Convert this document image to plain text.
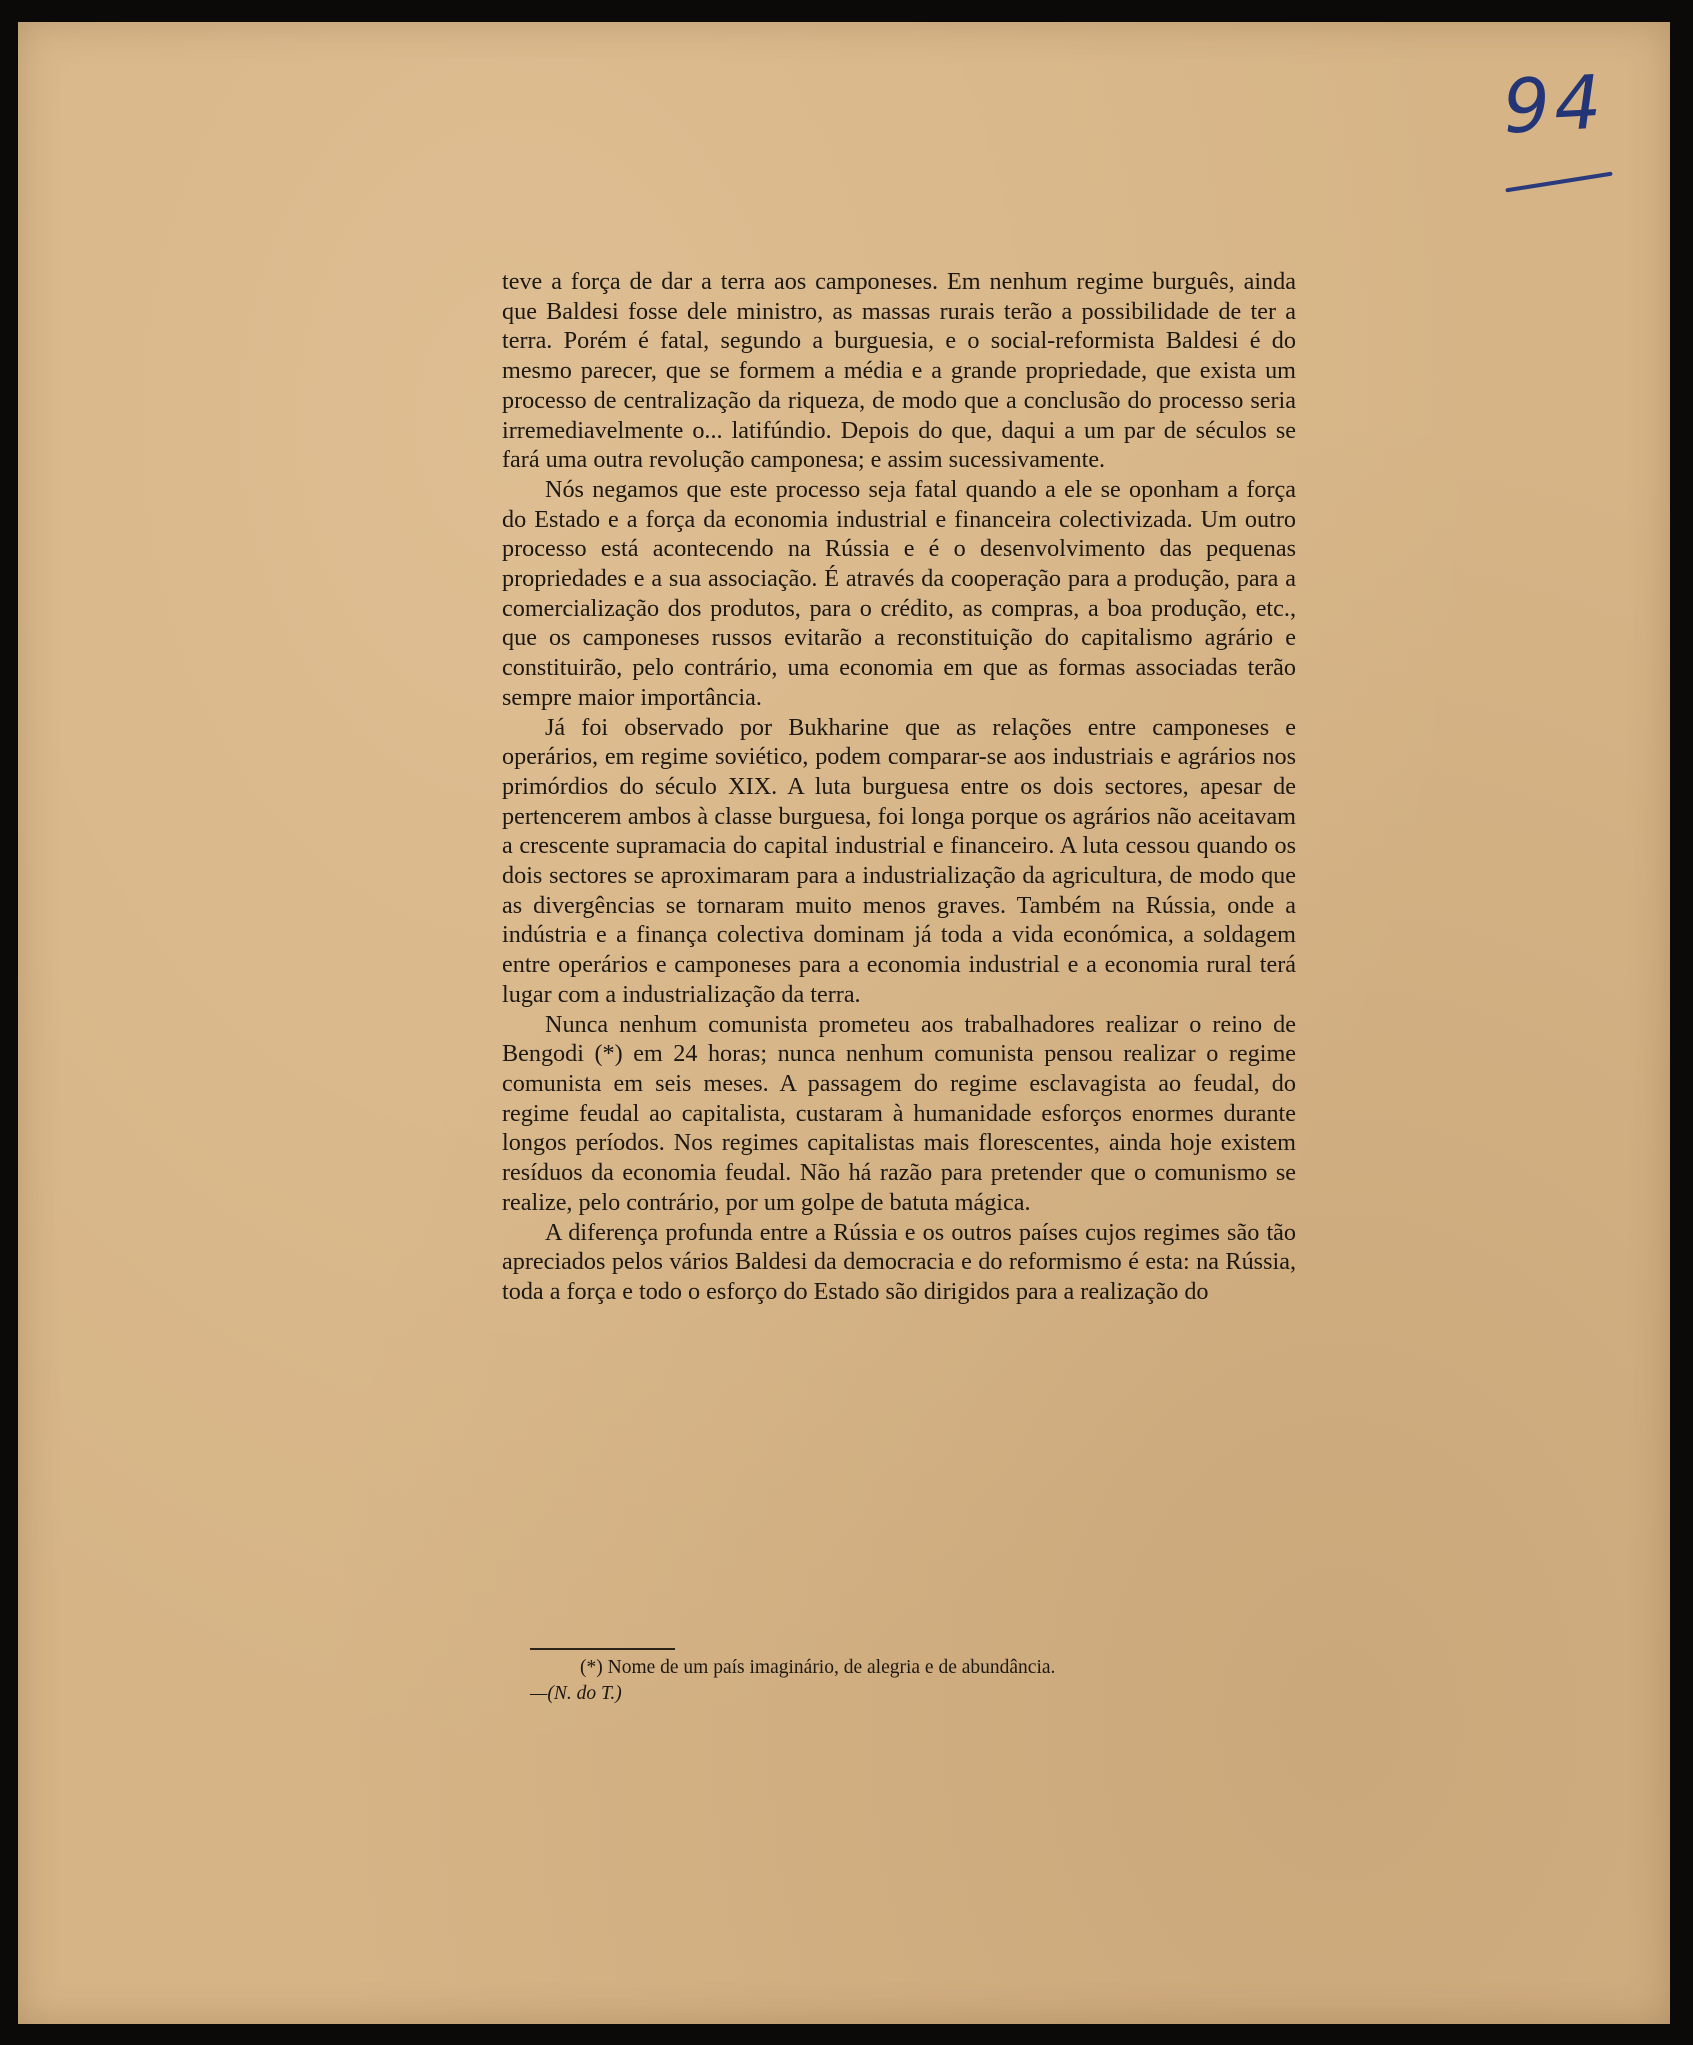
94

teve a força de dar a terra aos camponeses. Em nenhum regime burguês, ainda que Baldesi fosse dele ministro, as massas rurais terão a possibilidade de ter a terra. Porém é fatal, segundo a burguesia, e o social-reformista Baldesi é do mesmo parecer, que se formem a média e a grande propriedade, que exista um processo de centralização da riqueza, de modo que a conclusão do processo seria irremediavelmente o... latifúndio. Depois do que, daqui a um par de séculos se fará uma outra revolução camponesa; e assim sucessivamente.

Nós negamos que este processo seja fatal quando a ele se oponham a força do Estado e a força da economia industrial e financeira colectivizada. Um outro processo está acontecendo na Rússia e é o desenvolvimento das pequenas propriedades e a sua associação. É através da cooperação para a produção, para a comercialização dos produtos, para o crédito, as compras, a boa produção, etc., que os camponeses russos evitarão a reconstituição do capitalismo agrário e constituirão, pelo contrário, uma economia em que as formas associadas terão sempre maior importância.

Já foi observado por Bukharine que as relações entre camponeses e operários, em regime soviético, podem comparar-se aos industriais e agrários nos primórdios do século XIX. A luta burguesa entre os dois sectores, apesar de pertencerem ambos à classe burguesa, foi longa porque os agrários não aceitavam a crescente supramacia do capital industrial e financeiro. A luta cessou quando os dois sectores se aproximaram para a industrialização da agricultura, de modo que as divergências se tornaram muito menos graves. Também na Rússia, onde a indústria e a finança colectiva dominam já toda a vida económica, a soldagem entre operários e camponeses para a economia industrial e a economia rural terá lugar com a industrialização da terra.

Nunca nenhum comunista prometeu aos trabalhadores realizar o reino de Bengodi (*) em 24 horas; nunca nenhum comunista pensou realizar o regime comunista em seis meses. A passagem do regime esclavagista ao feudal, do regime feudal ao capitalista, custaram à humanidade esforços enormes durante longos períodos. Nos regimes capitalistas mais florescentes, ainda hoje existem resíduos da economia feudal. Não há razão para pretender que o comunismo se realize, pelo contrário, por um golpe de batuta mágica.

A diferença profunda entre a Rússia e os outros países cujos regimes são tão apreciados pelos vários Baldesi da democracia e do reformismo é esta: na Rússia, toda a força e todo o esforço do Estado são dirigidos para a realização do

(*) Nome de um país imaginário, de alegria e de abundância.
—(N. do T.)
